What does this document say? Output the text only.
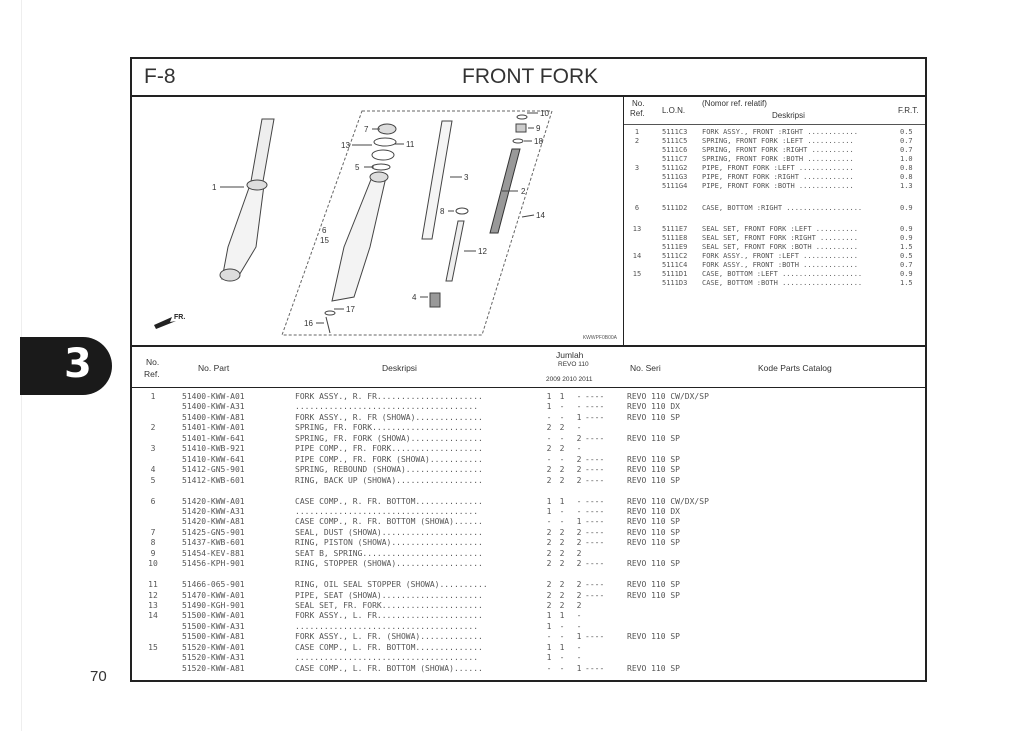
3
70
F-8	FRONT FORK
1
13
7
11
5
3
6
15
10
9
18
2
8
12
14
4
16
17
FR.
KWWPF0B00A
No.
Ref. L.O.N.
(Nomor ref. relatif)
Deskripsi
F.R.T.
1	5111C3	FORK ASSY., FRONT :RIGHT ............	0.5
2	5111C5	SPRING, FRONT FORK :LEFT ...........	0.7
5111C6	SPRING, FRONT FORK :RIGHT ..........	0.7
5111C7	SPRING, FRONT FORK :BOTH ...........	1.0
3	5111G2	PIPE, FRONT FORK :LEFT .............	0.8
5111G3	PIPE, FRONT FORK :RIGHT ............	0.8
5111G4	PIPE, FRONT FORK :BOTH .............	1.3
6	5111D2	CASE, BOTTOM :RIGHT ..................	0.9
13	5111E7	SEAL SET, FRONT FORK :LEFT ..........	0.9
5111E8	SEAL SET, FRONT FORK :RIGHT .........	0.9
5111E9	SEAL SET, FRONT FORK :BOTH ..........	1.5
14	5111C2	FORK ASSY., FRONT :LEFT .............	0.5
5111C4	FORK ASSY., FRONT :BOTH .............	0.7
15	5111D1	CASE, BOTTOM :LEFT ...................	0.9
5111D3	CASE, BOTTOM :BOTH ...................	1.5
No.
Ref.
No. Part	Deskripsi
Jumlah
REVO 110
2009 2010 2011
No. Seri	Kode Parts Catalog
1	51400-KWW-A01	FORK ASSY., R. FR......................	1	1	- ----	REVO 110 CW/DX/SP
51400-KWW-A31	......................................	1	-	- ----	REVO 110 DX
51400-KWW-A81	FORK ASSY., R. FR (SHOWA)..............	-	-	1 ----	REVO 110 SP
2	51401-KWW-A01	SPRING, FR. FORK.......................	2	2	-
51401-KWW-641	SPRING, FR. FORK (SHOWA)...............	-	-	2 ----	REVO 110 SP
3	51410-KWB-921	PIPE COMP., FR. FORK...................	2	2	-
51410-KWW-641	PIPE COMP., FR. FORK (SHOWA)...........	-	-	2 ----	REVO 110 SP
4	51412-GN5-901	SPRING, REBOUND (SHOWA)................	2	2	2 ----	REVO 110 SP
5	51412-KWB-601	RING, BACK UP (SHOWA)..................	2	2	2 ----	REVO 110 SP
6	51420-KWW-A01	CASE COMP., R. FR. BOTTOM..............	1	1	- ----	REVO 110 CW/DX/SP
51420-KWW-A31	......................................	1	-	- ----	REVO 110 DX
51420-KWW-A81	CASE COMP., R. FR. BOTTOM (SHOWA)......	-	-	1 ----	REVO 110 SP
7	51425-GN5-901	SEAL, DUST (SHOWA).....................	2	2	2 ----	REVO 110 SP
8	51437-KWB-601	RING, PISTON (SHOWA)...................	2	2	2 ----	REVO 110 SP
9	51454-KEV-881	SEAT B, SPRING.........................	2	2	2
10	51456-KPH-901	RING, STOPPER (SHOWA)..................	2	2	2 ----	REVO 110 SP
11	51466-065-901	RING, OIL SEAL STOPPER (SHOWA)..........	2	2	2 ----	REVO 110 SP
12	51470-KWW-A01	PIPE, SEAT (SHOWA).....................	2	2	2 ----	REVO 110 SP
13	51490-KGH-901	SEAL SET, FR. FORK.....................	2	2	2
14	51500-KWW-A01	FORK ASSY., L. FR......................	1	1	-
51500-KWW-A31	......................................	1	-	-
51500-KWW-A81	FORK ASSY., L. FR. (SHOWA).............	-	-	1 ----	REVO 110 SP
15	51520-KWW-A01	CASE COMP., L. FR. BOTTOM..............	1	1	-
51520-KWW-A31	......................................	1	-	-
51520-KWW-A81	CASE COMP., L. FR. BOTTOM (SHOWA)......	-	-	1 ----	REVO 110 SP
